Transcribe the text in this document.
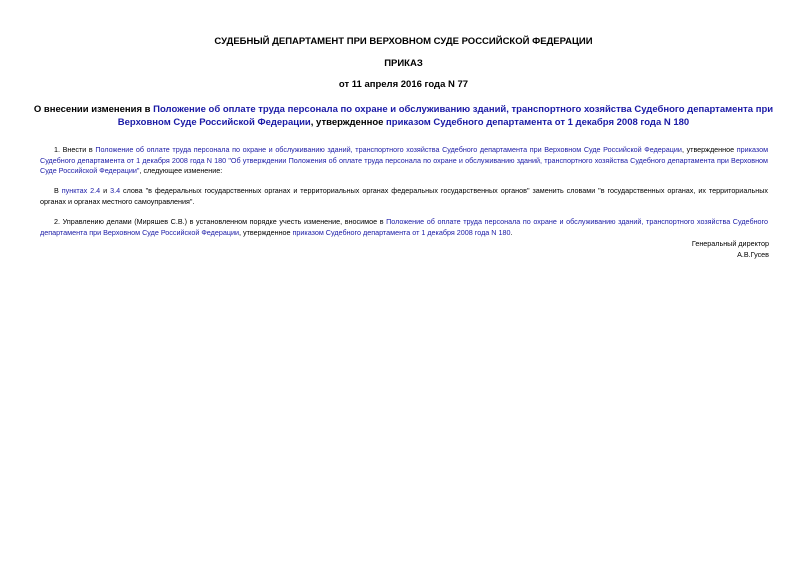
СУДЕБНЫЙ ДЕПАРТАМЕНТ ПРИ ВЕРХОВНОМ СУДЕ РОССИЙСКОЙ ФЕДЕРАЦИИ
ПРИКАЗ
от 11 апреля 2016 года N 77
О внесении изменения в Положение об оплате труда персонала по охране и обслуживанию зданий, транспортного хозяйства Судебного департамента при Верховном Суде Российской Федерации, утвержденное приказом Судебного департамента от 1 декабря 2008 года N 180

1. Внести в Положение об оплате труда персонала по охране и обслуживанию зданий, транспортного хозяйства Судебного департамента при Верховном Суде Российской Федерации, утвержденное приказом Судебного департамента от 1 декабря 2008 года N 180 "Об утверждении Положения об оплате труда персонала по охране и обслуживанию зданий, транспортного хозяйства Судебного департамента при Верховном Суде Российской Федерации", следующее изменение:

В пунктах 2.4 и 3.4 слова "в федеральных государственных органах и территориальных органах федеральных государственных органов" заменить словами "в государственных органах, их территориальных органах и органах местного самоуправления".

2. Управлению делами (Миряшев С.В.) в установленном порядке учесть изменение, вносимое в Положение об оплате труда персонала по охране и обслуживанию зданий, транспортного хозяйства Судебного департамента при Верховном Суде Российской Федерации, утвержденное приказом Судебного департамента от 1 декабря 2008 года N 180.

Генеральный директор
А.В.Гусев
